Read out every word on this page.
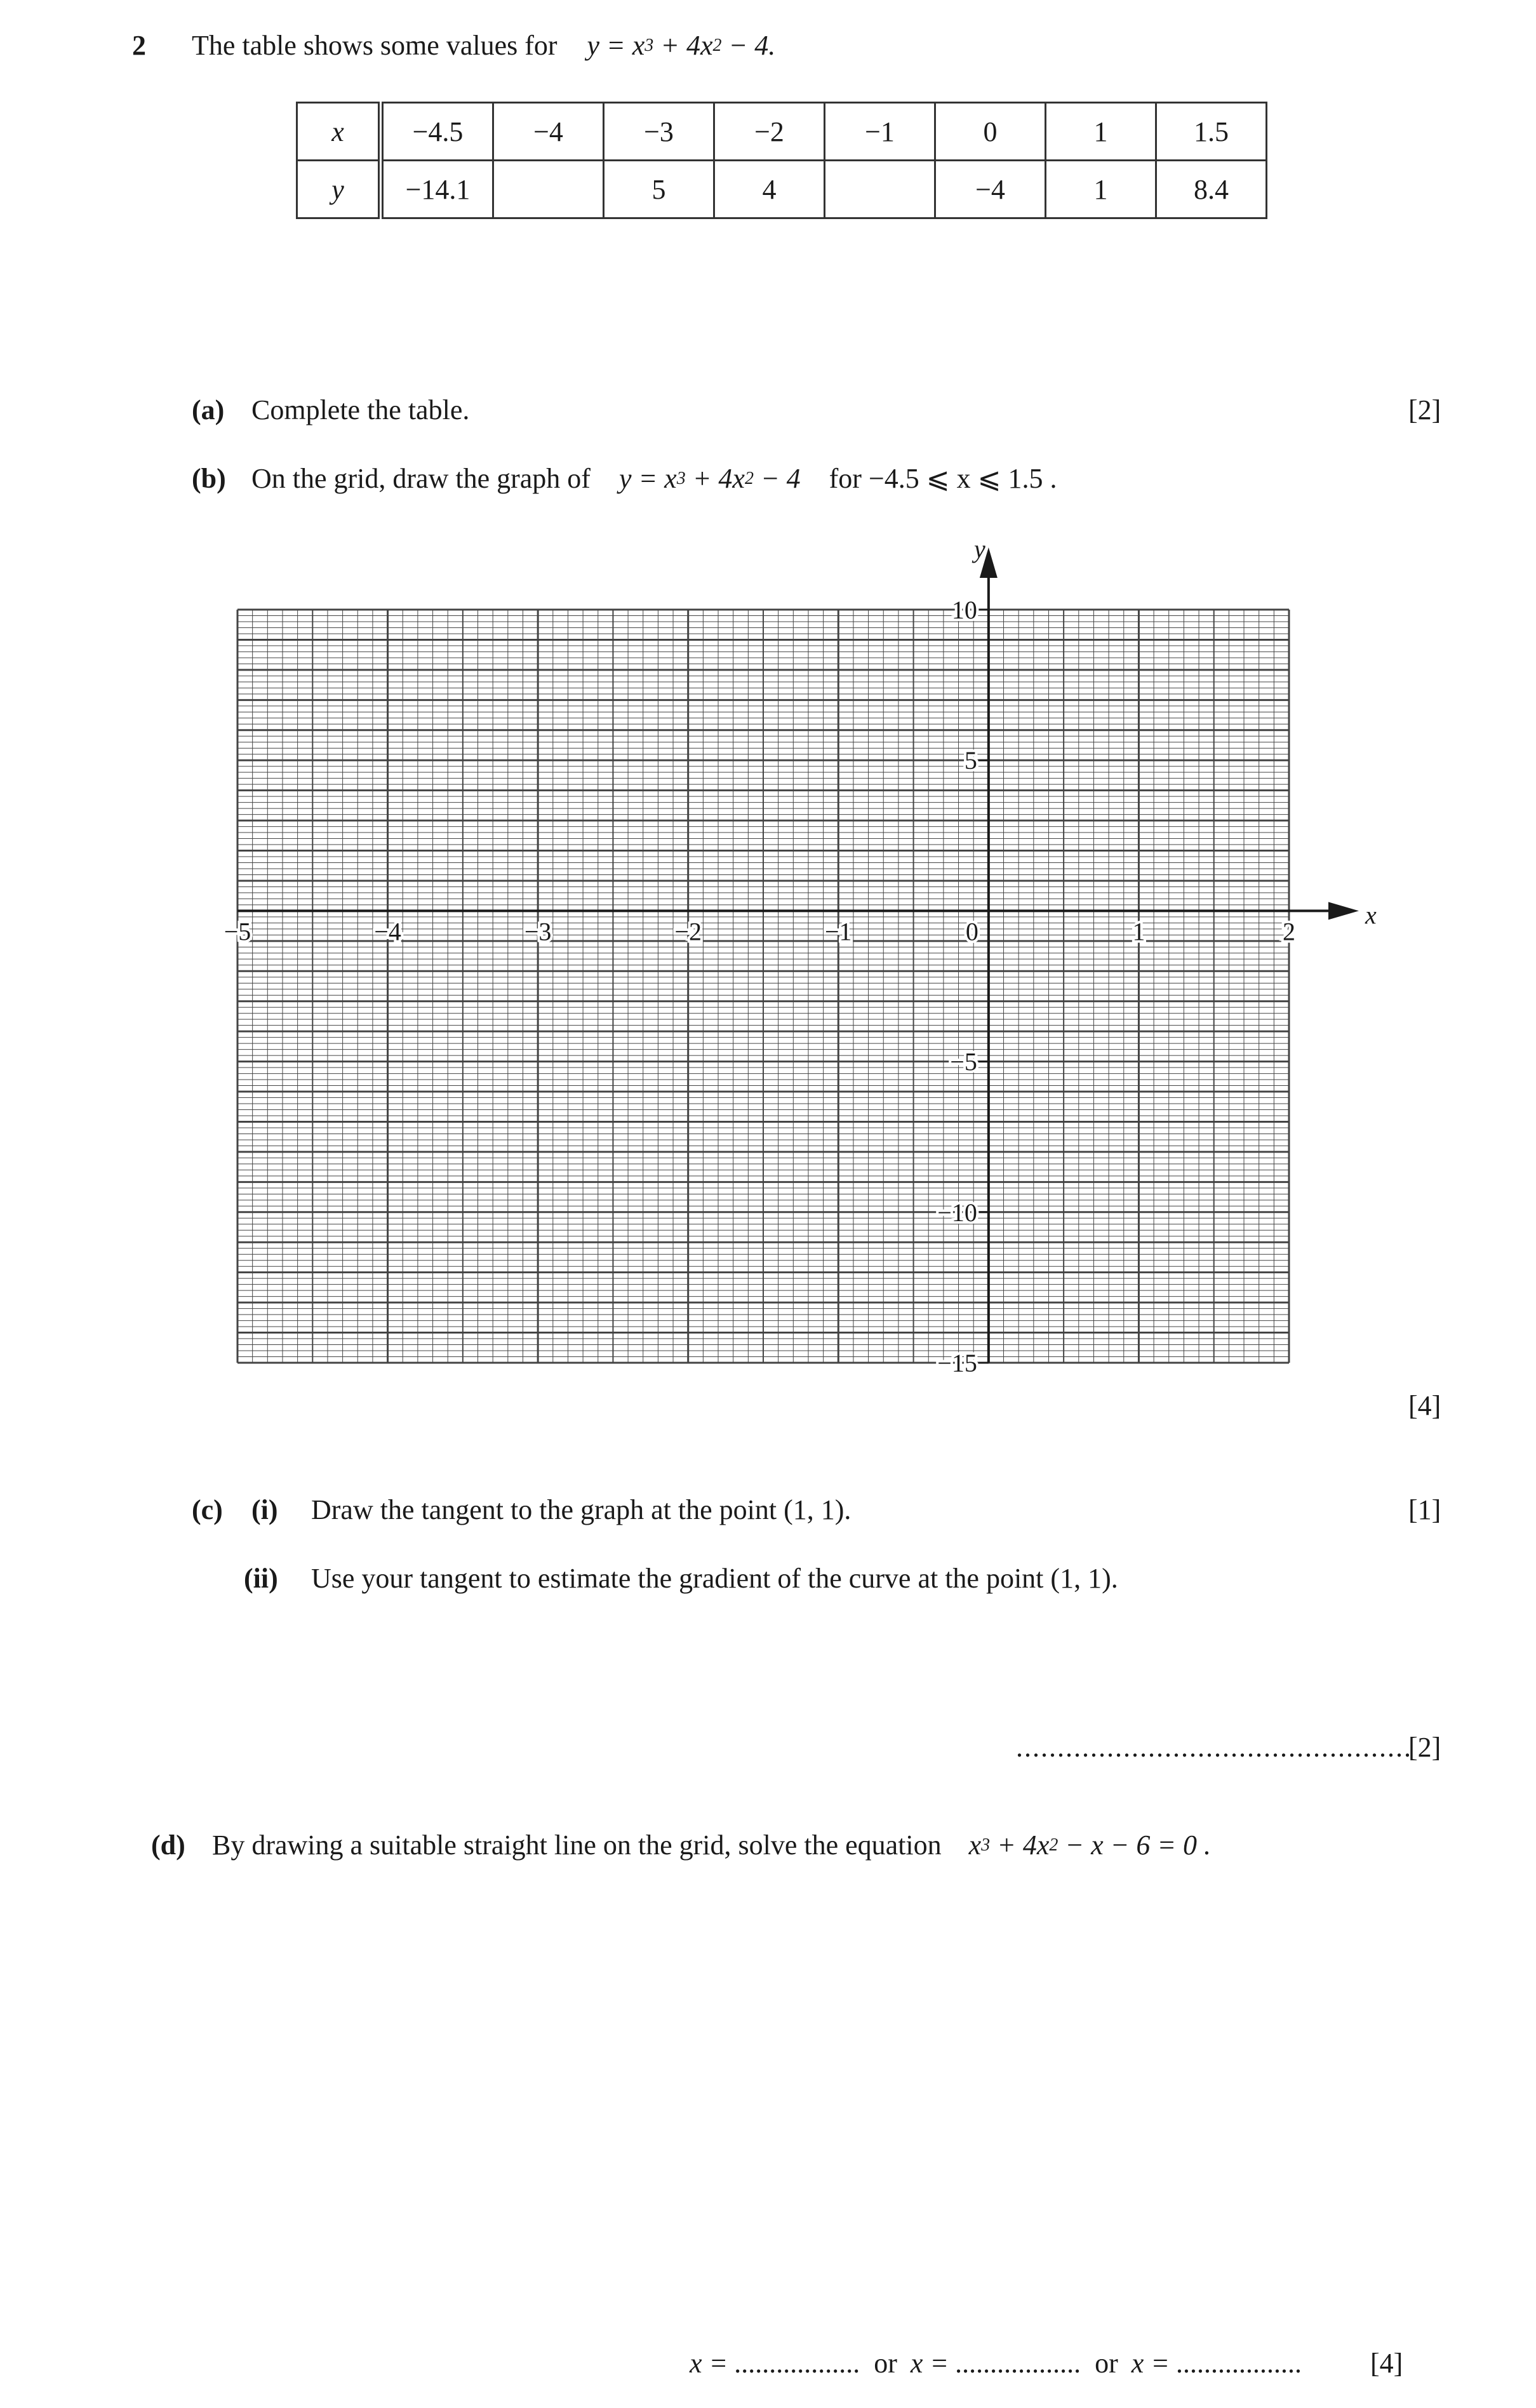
2 The table shows some values for $y = x^3 + 4x^2 - 4$.
x	−4.5	−4	−3	−2	−1	0	1	1.5
y	−14.1		5	4		−4	1	8.4
(a) Complete the table.	[2]
(b) On the grid, draw the graph of $y = x^3 + 4x^2 - 4$ for −4.5 ⩽ x ⩽ 1.5 .
x
y
−5	−4	−3	−2	−1	0	1	2
10
5
−5
−10
−15
[4]
(c) (i) Draw the tangent to the graph at the point (1, 1).	[1]
(ii) Use your tangent to estimate the gradient of the curve at the point (1, 1).
................................................
[2]
(d) By drawing a suitable straight line on the grid, solve the equation $x^3 + 4x^2 - x - 6 = 0$ .
x = .................. or x = .................. or x = .................. [4]
